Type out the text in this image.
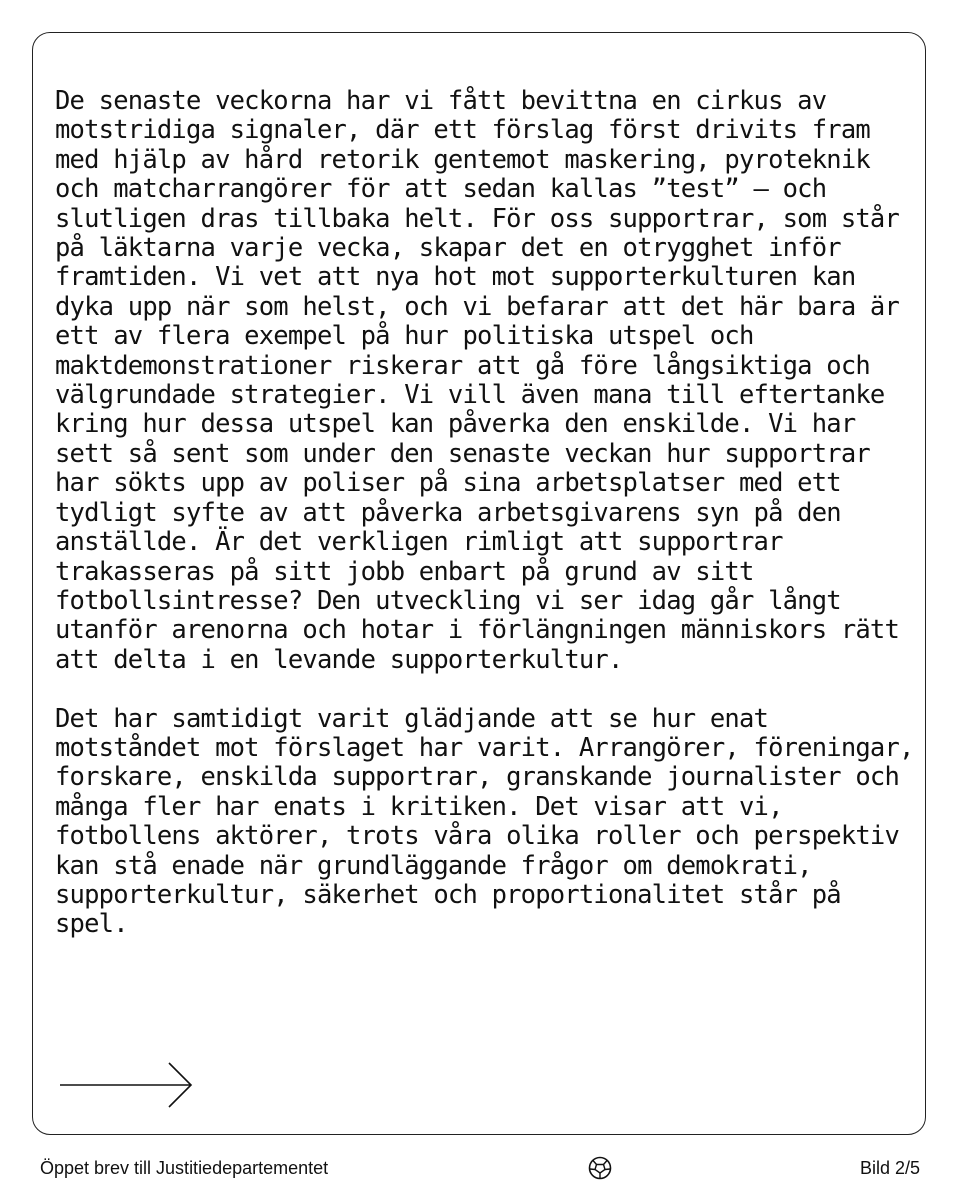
De senaste veckorna har vi fått bevittna en cirkus av motstridiga signaler, där ett förslag först drivits fram med hjälp av hård retorik gentemot maskering, pyroteknik och matcharrangörer för att sedan kallas ”test” – och slutligen dras tillbaka helt. För oss supportrar, som står på läktarna varje vecka, skapar det en otrygghet inför framtiden. Vi vet att nya hot mot supporterkulturen kan dyka upp när som helst, och vi befarar att det här bara är ett av flera exempel på hur politiska utspel och maktdemonstrationer riskerar att gå före långsiktiga och välgrundade strategier. Vi vill även mana till eftertanke kring hur dessa utspel kan påverka den enskilde. Vi har sett så sent som under den senaste veckan hur supportrar har sökts upp av poliser på sina arbetsplatser med ett tydligt syfte av att påverka arbetsgivarens syn på den anställde. Är det verkligen rimligt att supportrar trakasseras på sitt jobb enbart på grund av sitt fotbollsintresse? Den utveckling vi ser idag går långt utanför arenorna och hotar i förlängningen människors rätt att delta i en levande supporterkultur.

Det har samtidigt varit glädjande att se hur enat motståndet mot förslaget har varit. Arrangörer, föreningar, forskare, enskilda supportrar, granskande journalister och många fler har enats i kritiken. Det visar att vi, fotbollens aktörer, trots våra olika roller och perspektiv kan stå enade när grundläggande frågor om demokrati, supporterkultur, säkerhet och proportionalitet står på spel.

Öppet brev till Justitiedepartementet	Bild 2/5
